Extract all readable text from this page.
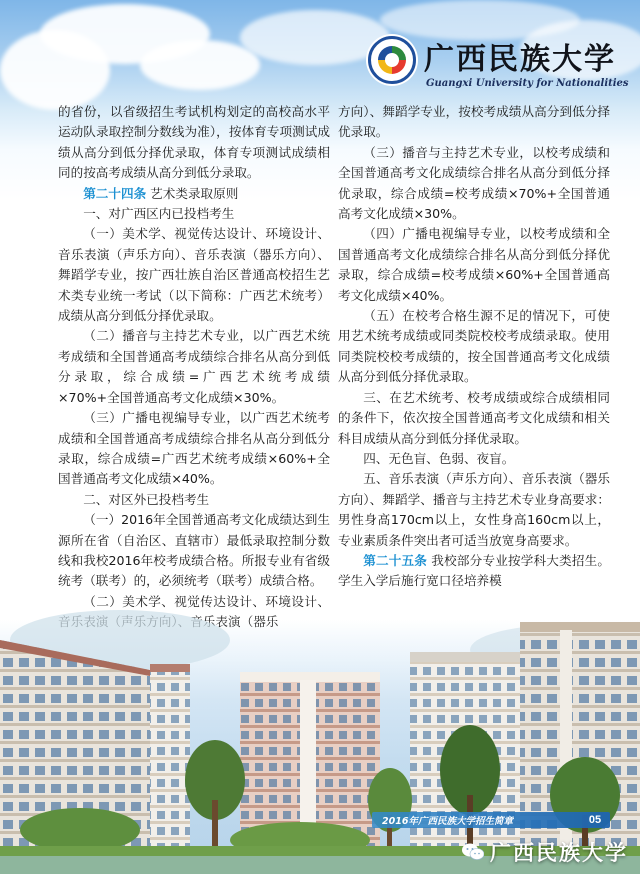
广西民族大学
Guangxi University for Nationalities

的省份，以省级招生考试机构划定的高校高水平运动队录取控制分数线为准），按体育专项测试成绩从高分到低分择优录取，体育专项测试成绩相同的按高考成绩从高分到低分录取。

第二十四条 艺术类录取原则

一、对广西区内已投档考生

（一）美术学、视觉传达设计、环境设计、音乐表演（声乐方向）、音乐表演（器乐方向）、舞蹈学专业，按广西壮族自治区普通高校招生艺术类专业统一考试（以下简称：广西艺术统考）成绩从高分到低分择优录取。

（二）播音与主持艺术专业，以广西艺术统考成绩和全国普通高考成绩综合排名从高分到低分录取，综合成绩=广西艺术统考成绩×70%+全国普通高考文化成绩×30%。

（三）广播电视编导专业，以广西艺术统考成绩和全国普通高考成绩综合排名从高分到低分录取，综合成绩=广西艺术统考成绩×60%+全国普通高考文化成绩×40%。

二、对区外已投档考生

（一）2016年全国普通高考文化成绩达到生源所在省（自治区、直辖市）最低录取控制分数线和我校2016年校考成绩合格。所报专业有省级统考（联考）的，必须统考（联考）成绩合格。

方向）、舞蹈学专业，按校考成绩从高分到低分择优录取。

（三）播音与主持艺术专业，以校考成绩和全国普通高考文化成绩综合排名从高分到低分择优录取，综合成绩=校考成绩×70%+全国普通高考文化成绩×30%。

（四）广播电视编导专业，以校考成绩和全国普通高考文化成绩综合排名从高分到低分择优录取，综合成绩=校考成绩×60%+全国普通高考文化成绩×40%。

（五）在校考合格生源不足的情况下，可使用艺术统考成绩或同类院校校考成绩录取。使用同类院校校考成绩的，按全国普通高考文化成绩从高分到低分择优录取。

三、在艺术统考、校考成绩或综合成绩相同的条件下，依次按全国普通高考文化成绩和相关科目成绩从高分到低分择优录取。

四、无色盲、色弱、夜盲。

五、音乐表演（声乐方向）、音乐表演（器乐方向）、舞蹈学、播音与主持艺术专业身高要求：男性身高170cm以上，女性身高160cm以上，专业素质条件突出者可适当放宽身高要求。

第二十五条 我校部分专业按学科大类招生。学生入学后施行宽口径培养模

2016年广西民族大学招生简章	05
广西民族大学
